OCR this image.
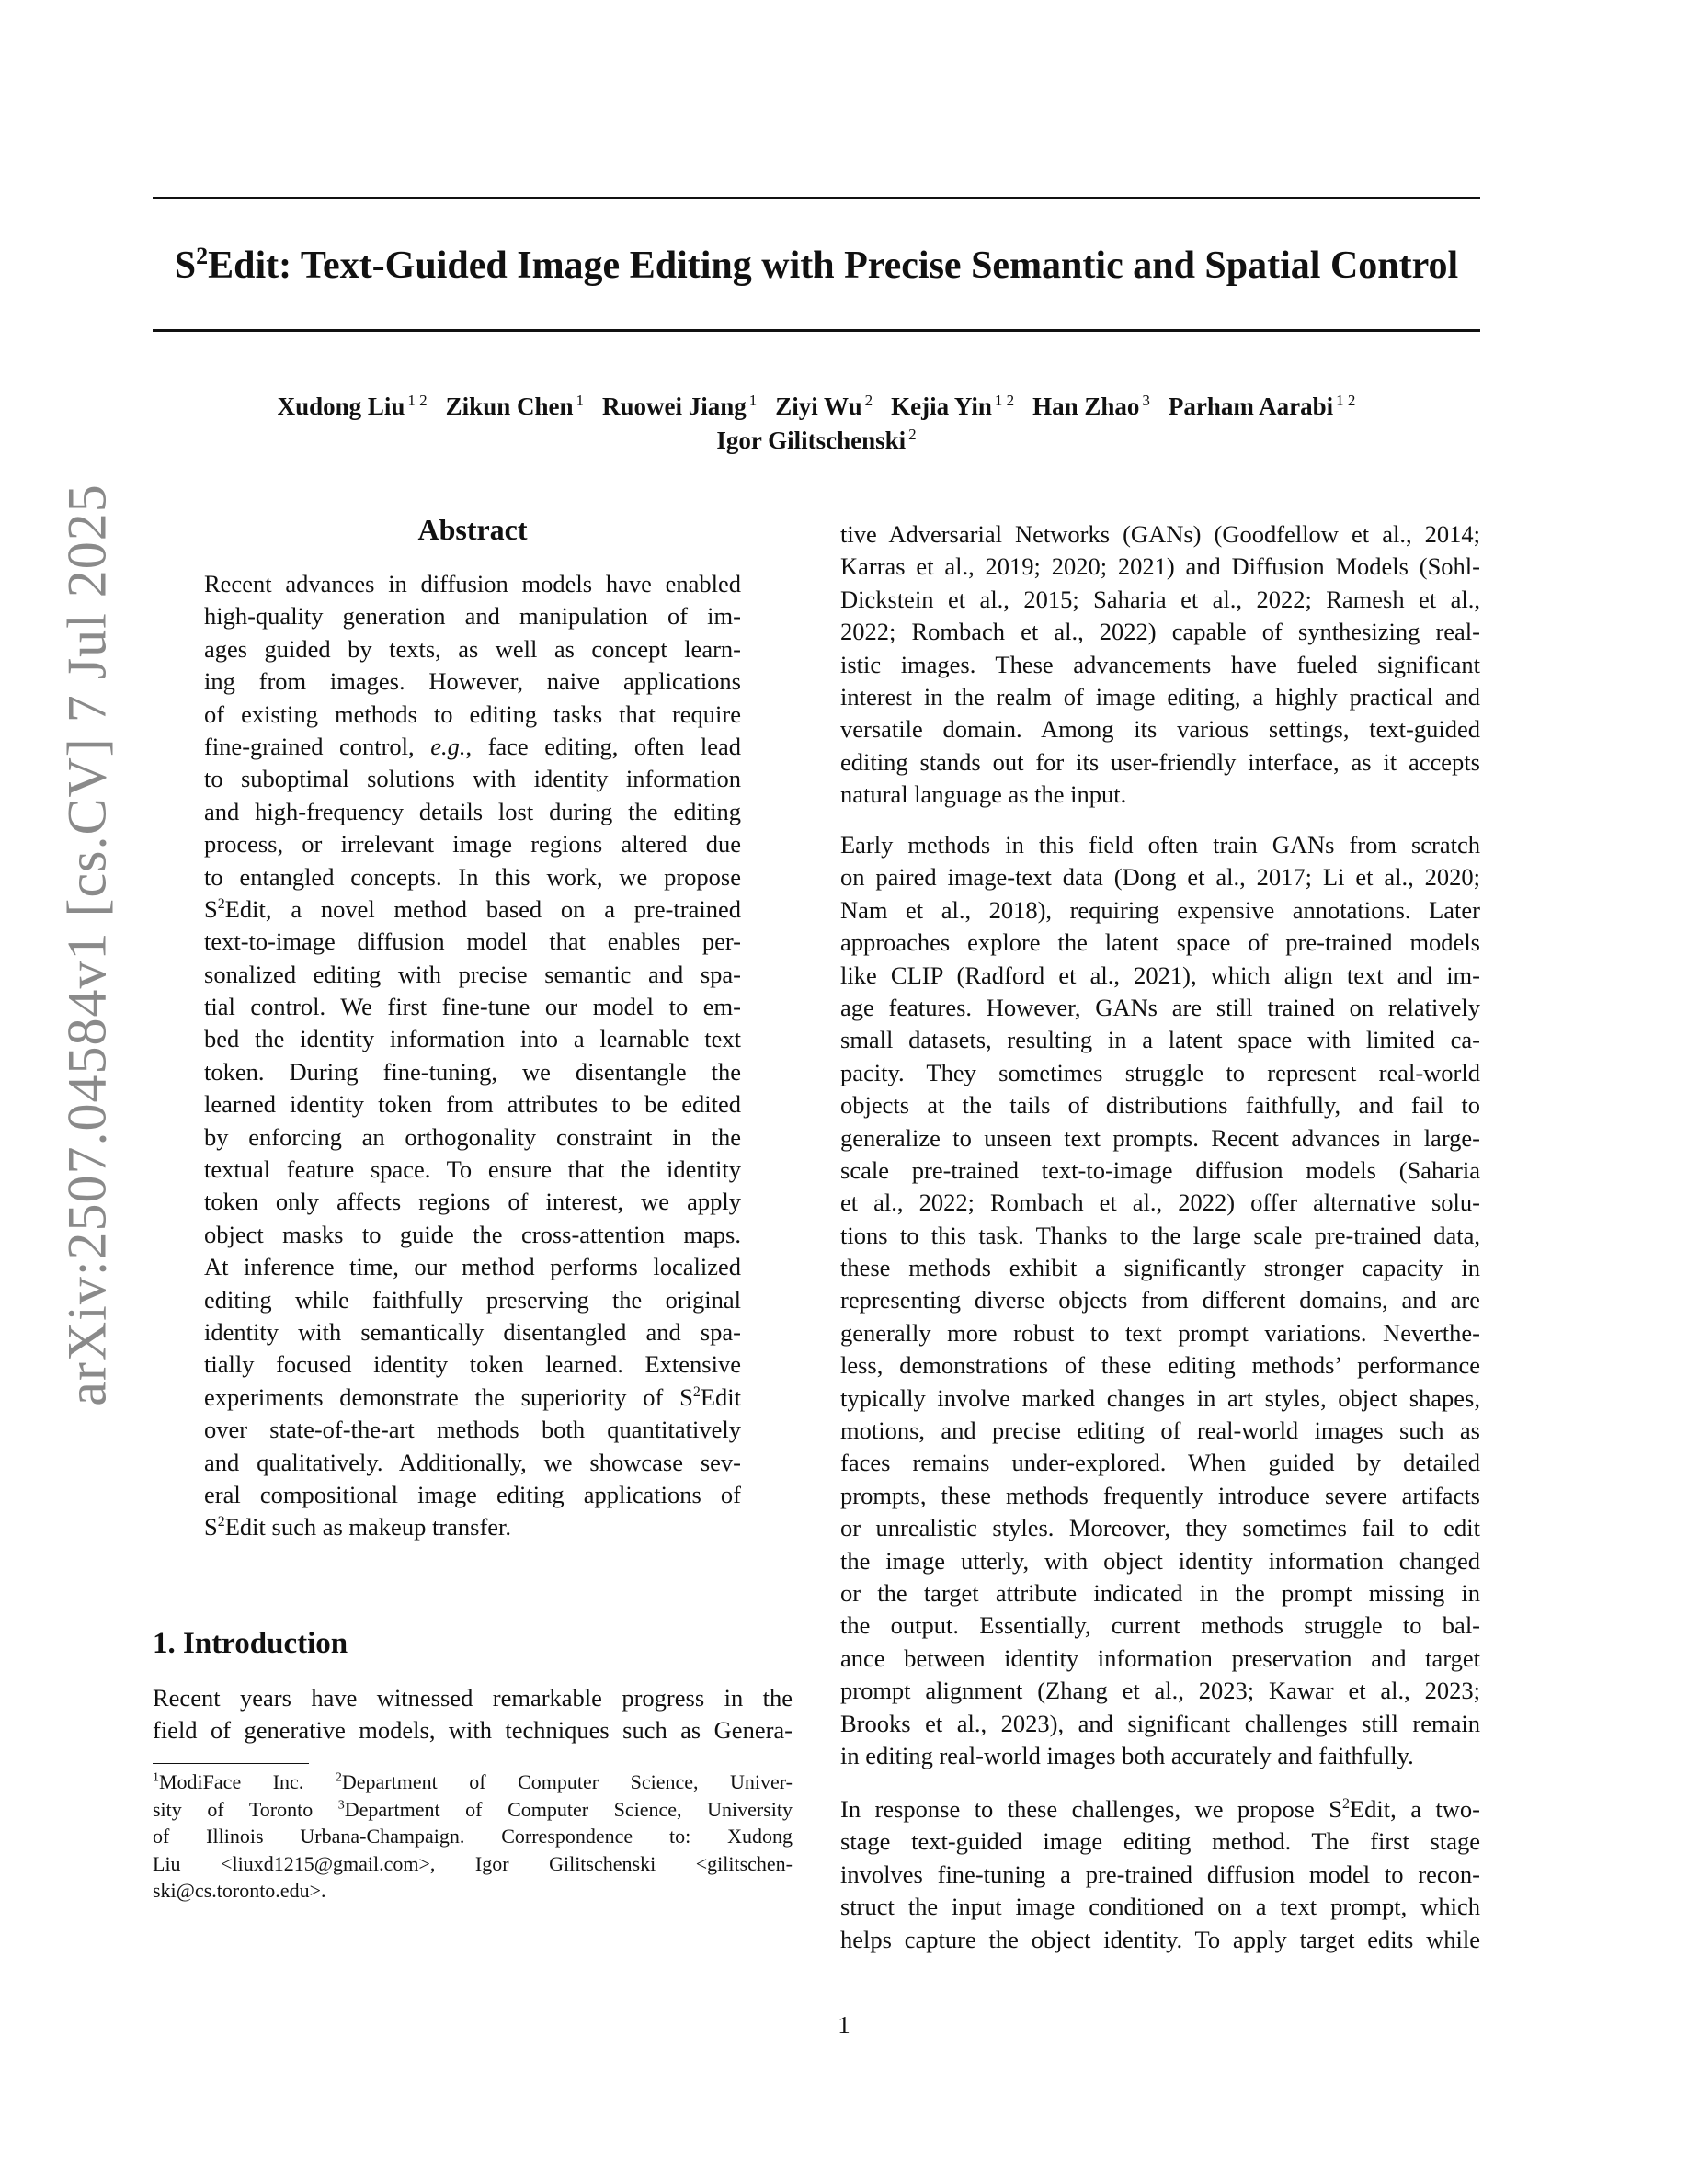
$S^2Edit$: Text-Guided Image Editing with Precise Semantic and Spatial Control
Xudong Liu $^{1 2}$ Zikun Chen $^1$ Ruowei Jiang $^1$ Ziyi Wu $^2$ Kejia Yin $^{1 2}$ Han Zhao $^3$ Parham Aarabi $^{1 2}$
Igor Gilitschenski $^2$
arXiv:2507.04584v1 [cs.CV] 7 Jul 2025	Abstract
Recent advances in diffusion models have enabled
high-quality generation and manipulation of im-
ages guided by texts, as well as concept learn-
ing from images. However, naive applications
of existing methods to editing tasks that require
fine-grained control, e.g., face editing, often lead
to suboptimal solutions with identity information
and high-frequency details lost during the editing
process, or irrelevant image regions altered due
to entangled concepts. In this work, we propose
$S^2Edit$, a novel method based on a pre-trained
text-to-image diffusion model that enables per-
sonalized editing with precise semantic and spa-
tial control. We first fine-tune our model to em-
bed the identity information into a learnable text
token. During fine-tuning, we disentangle the
learned identity token from attributes to be edited
by enforcing an orthogonality constraint in the
textual feature space. To ensure that the identity
token only affects regions of interest, we apply
object masks to guide the cross-attention maps.
At inference time, our method performs localized
editing while faithfully preserving the original
identity with semantically disentangled and spa-
tially focused identity token learned. Extensive
experiments demonstrate the superiority of $S^2Edit$
over state-of-the-art methods both quantitatively
and qualitatively. Additionally, we showcase sev-
eral compositional image editing applications of
$S^2Edit$ such as makeup transfer.
1. Introduction
Recent years have witnessed remarkable progress in the
field of generative models, with techniques such as Genera-
$^1$ModiFace Inc. $^2$Department of Computer Science, Univer-
sity of Toronto $^3$Department of Computer Science, University
of Illinois Urbana-Champaign. Correspondence to: Xudong
Liu <liuxd1215@gmail.com>, Igor Gilitschenski <gilitschen-
ski@cs.toronto.edu>.
tive Adversarial Networks (GANs) (Goodfellow et al., 2014;
Karras et al., 2019; 2020; 2021) and Diffusion Models (Sohl-
Dickstein et al., 2015; Saharia et al., 2022; Ramesh et al.,
2022; Rombach et al., 2022) capable of synthesizing real-
istic images. These advancements have fueled significant
interest in the realm of image editing, a highly practical and
versatile domain. Among its various settings, text-guided
editing stands out for its user-friendly interface, as it accepts
natural language as the input.
Early methods in this field often train GANs from scratch
on paired image-text data (Dong et al., 2017; Li et al., 2020;
Nam et al., 2018), requiring expensive annotations. Later
approaches explore the latent space of pre-trained models
like CLIP (Radford et al., 2021), which align text and im-
age features. However, GANs are still trained on relatively
small datasets, resulting in a latent space with limited ca-
pacity. They sometimes struggle to represent real-world
objects at the tails of distributions faithfully, and fail to
generalize to unseen text prompts. Recent advances in large-
scale pre-trained text-to-image diffusion models (Saharia
et al., 2022; Rombach et al., 2022) offer alternative solu-
tions to this task. Thanks to the large scale pre-trained data,
these methods exhibit a significantly stronger capacity in
representing diverse objects from different domains, and are
generally more robust to text prompt variations. Neverthe-
less, demonstrations of these editing methods’ performance
typically involve marked changes in art styles, object shapes,
motions, and precise editing of real-world images such as
faces remains under-explored. When guided by detailed
prompts, these methods frequently introduce severe artifacts
or unrealistic styles. Moreover, they sometimes fail to edit
the image utterly, with object identity information changed
or the target attribute indicated in the prompt missing in
the output. Essentially, current methods struggle to bal-
ance between identity information preservation and target
prompt alignment (Zhang et al., 2023; Kawar et al., 2023;
Brooks et al., 2023), and significant challenges still remain
in editing real-world images both accurately and faithfully.
In response to these challenges, we propose $S^2Edit$, a two-
stage text-guided image editing method. The first stage
involves fine-tuning a pre-trained diffusion model to recon-
struct the input image conditioned on a text prompt, which
helps capture the object identity. To apply target edits while
1
